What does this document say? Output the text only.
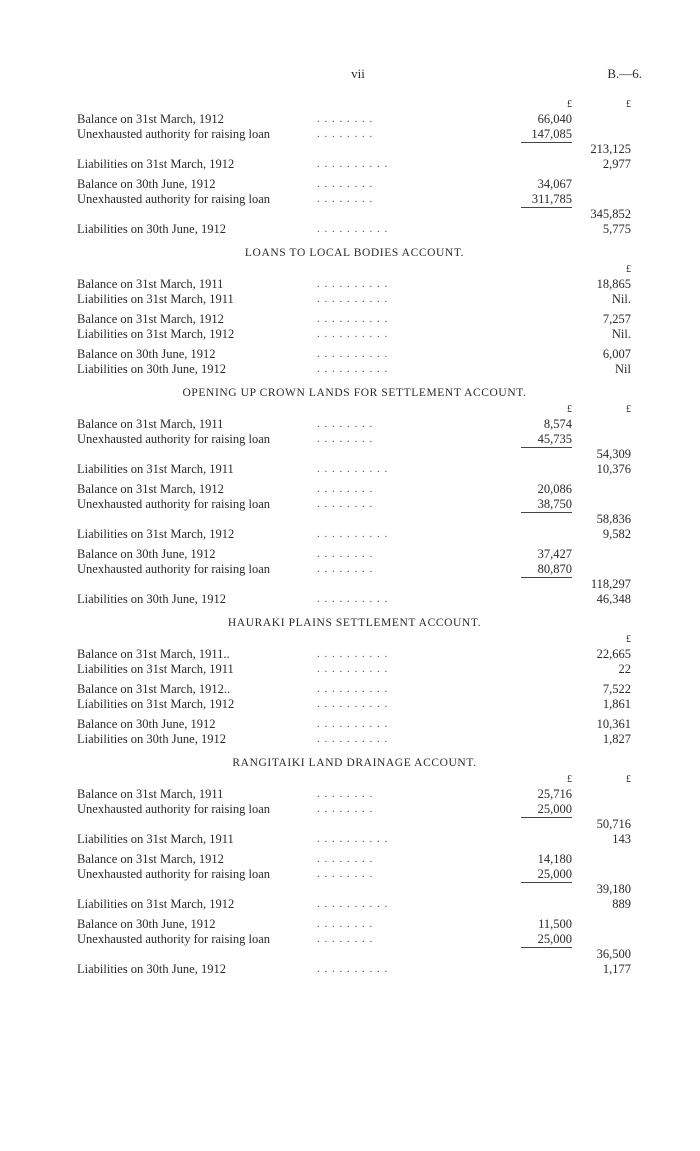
vii	B.—6.
£	£
Balance on 31st March, 1912	. . . . . . . .	66,040
Unexhausted authority for raising loan	. . . . . . . .	147,085
213,125
Liabilities on 31st March, 1912	. . . . . . . . . .	2,977
Balance on 30th June, 1912	. . . . . . . .	34,067
Unexhausted authority for raising loan	. . . . . . . .	311,785
345,852
Liabilities on 30th June, 1912	. . . . . . . . . .	5,775
LOANS TO LOCAL BODIES ACCOUNT.
£
Balance on 31st March, 1911	. . . . . . . . . .	18,865
Liabilities on 31st March, 1911	. . . . . . . . . .	Nil.
Balance on 31st March, 1912	. . . . . . . . . .	7,257
Liabilities on 31st March, 1912	. . . . . . . . . .	Nil.
Balance on 30th June, 1912	. . . . . . . . . .	6,007
Liabilities on 30th June, 1912	. . . . . . . . . .	Nil
OPENING UP CROWN LANDS FOR SETTLEMENT ACCOUNT.
£	£
Balance on 31st March, 1911	. . . . . . . .	8,574
Unexhausted authority for raising loan	. . . . . . . .	45,735
54,309
Liabilities on 31st March, 1911	. . . . . . . . . .	10,376
Balance on 31st March, 1912	. . . . . . . .	20,086
Unexhausted authority for raising loan	. . . . . . . .	38,750
58,836
Liabilities on 31st March, 1912	. . . . . . . . . .	9,582
Balance on 30th June, 1912	. . . . . . . .	37,427
Unexhausted authority for raising loan	. . . . . . . .	80,870
118,297
Liabilities on 30th June, 1912	. . . . . . . . . .	46,348
HAURAKI PLAINS SETTLEMENT ACCOUNT.
£
Balance on 31st March, 1911..	. . . . . . . . . .	22,665
Liabilities on 31st March, 1911	. . . . . . . . . .	22
Balance on 31st March, 1912..	. . . . . . . . . .	7,522
Liabilities on 31st March, 1912	. . . . . . . . . .	1,861
Balance on 30th June, 1912	. . . . . . . . . .	10,361
Liabilities on 30th June, 1912	. . . . . . . . . .	1,827
RANGITAIKI LAND DRAINAGE ACCOUNT.
£	£
Balance on 31st March, 1911	. . . . . . . .	25,716
Unexhausted authority for raising loan	. . . . . . . .	25,000
50,716
Liabilities on 31st March, 1911	. . . . . . . . . .	143
Balance on 31st March, 1912	. . . . . . . .	14,180
Unexhausted authority for raising loan	. . . . . . . .	25,000
39,180
Liabilities on 31st March, 1912	. . . . . . . . . .	889
Balance on 30th June, 1912	. . . . . . . .	11,500
Unexhausted authority for raising loan	. . . . . . . .	25,000
36,500
Liabilities on 30th June, 1912	. . . . . . . . . .	1,177
